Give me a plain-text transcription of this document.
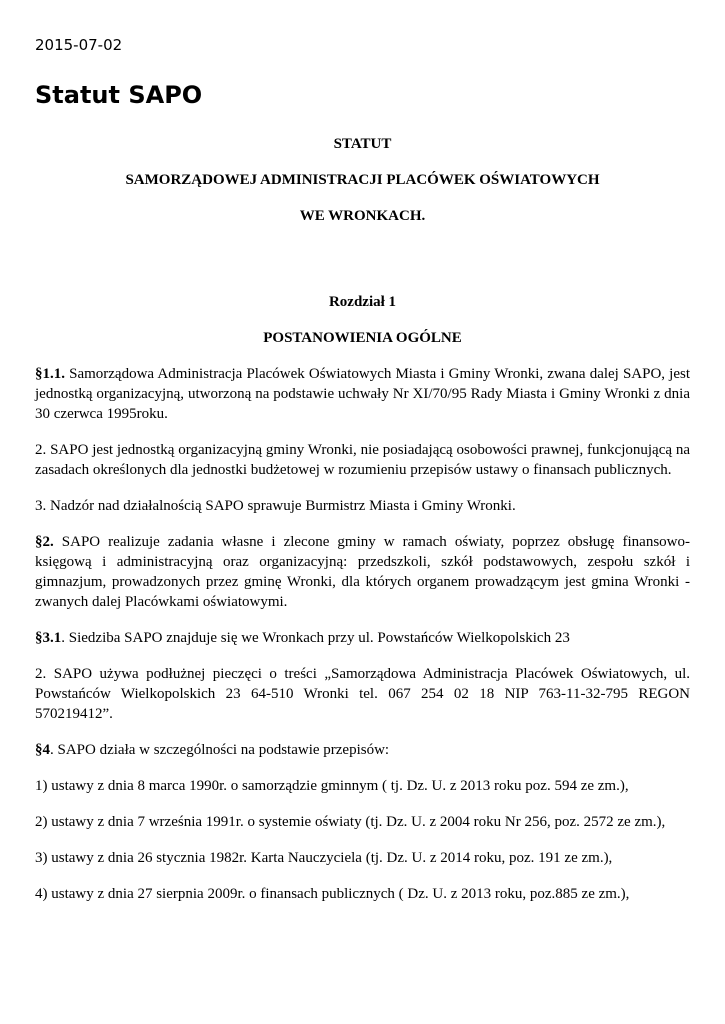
2015-07-02

Statut SAPO

STATUT

SAMORZĄDOWEJ ADMINISTRACJI PLACÓWEK OŚWIATOWYCH

WE WRONKACH.

Rozdział 1

POSTANOWIENIA OGÓLNE

§1.1. Samorządowa Administracja Placówek Oświatowych Miasta i Gminy Wronki, zwana dalej SAPO, jest jednostką organizacyjną, utworzoną na podstawie uchwały Nr XI/70/95 Rady Miasta i Gminy Wronki z dnia 30 czerwca 1995roku.

2. SAPO jest jednostką organizacyjną gminy Wronki, nie posiadającą osobowości prawnej, funkcjonującą na zasadach określonych dla jednostki budżetowej w rozumieniu przepisów ustawy o finansach publicznych.

3. Nadzór nad działalnością SAPO sprawuje Burmistrz Miasta i Gminy Wronki.

§2. SAPO realizuje zadania własne i zlecone gminy w ramach oświaty, poprzez obsługę finansowo-księgową i administracyjną oraz organizacyjną: przedszkoli, szkół podstawowych, zespołu szkół i gimnazjum, prowadzonych przez gminę Wronki, dla których organem prowadzącym jest gmina Wronki - zwanych dalej Placówkami oświatowymi.

§3.1. Siedziba SAPO znajduje się we Wronkach przy ul. Powstańców Wielkopolskich 23

2. SAPO używa podłużnej pieczęci o treści „Samorządowa Administracja Placówek Oświatowych, ul. Powstańców Wielkopolskich 23 64-510 Wronki tel. 067 254 02 18 NIP 763-11-32-795 REGON 570219412”.

§4. SAPO działa w szczególności na podstawie przepisów:

1) ustawy z dnia 8 marca 1990r. o samorządzie gminnym ( tj. Dz. U. z 2013 roku poz. 594 ze zm.),

2) ustawy z dnia 7 września 1991r. o systemie oświaty (tj. Dz. U. z 2004 roku Nr 256, poz. 2572 ze zm.),

3) ustawy z dnia 26 stycznia 1982r. Karta Nauczyciela (tj. Dz. U. z 2014 roku, poz. 191 ze zm.),

4) ustawy z dnia 27 sierpnia 2009r. o finansach publicznych ( Dz. U. z 2013 roku, poz.885 ze zm.),
